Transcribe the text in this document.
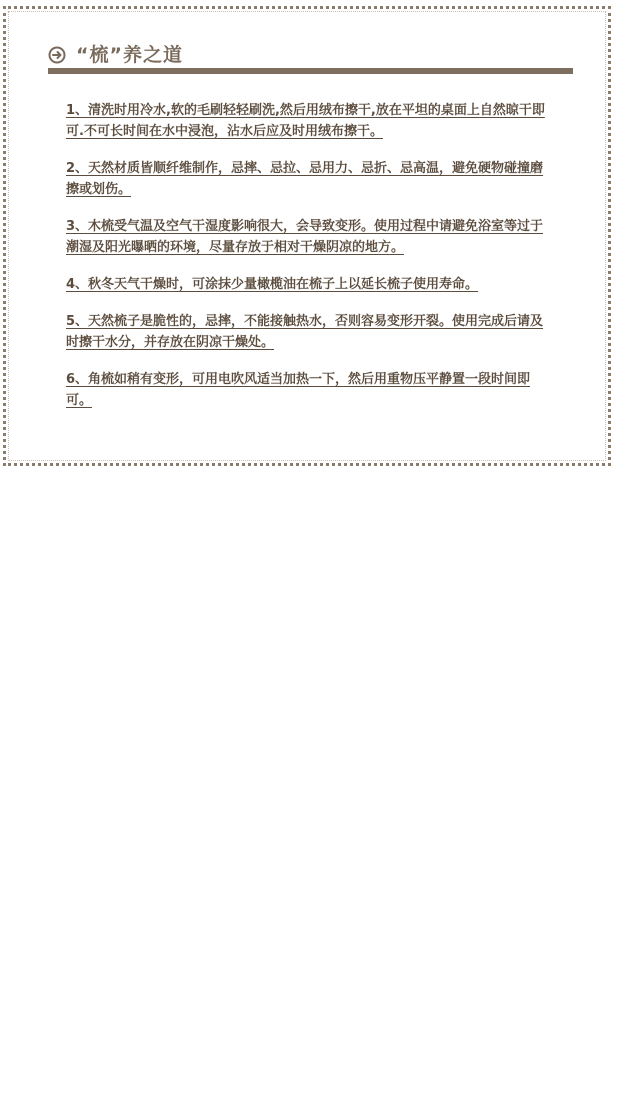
“梳”养之道
1、清洗时用冷水,软的毛刷轻轻刷洗,然后用绒布擦干,放在平坦的桌面上自然晾干即可.不可长时间在水中浸泡，沾水后应及时用绒布擦干。
2、天然材质皆顺纤维制作，忌摔、忌拉、忌用力、忌折、忌高温，避免硬物碰撞磨擦或划伤。
3、木梳受气温及空气干湿度影响很大，会导致变形。使用过程中请避免浴室等过于潮湿及阳光曝晒的环境，尽量存放于相对干燥阴凉的地方。
4、秋冬天气干燥时，可涂抹少量橄榄油在梳子上以延长梳子使用寿命。
5、天然梳子是脆性的，忌摔，不能接触热水，否则容易变形开裂。使用完成后请及时擦干水分，并存放在阴凉干燥处。
6、角梳如稍有变形，可用电吹风适当加热一下，然后用重物压平静置一段时间即可。
